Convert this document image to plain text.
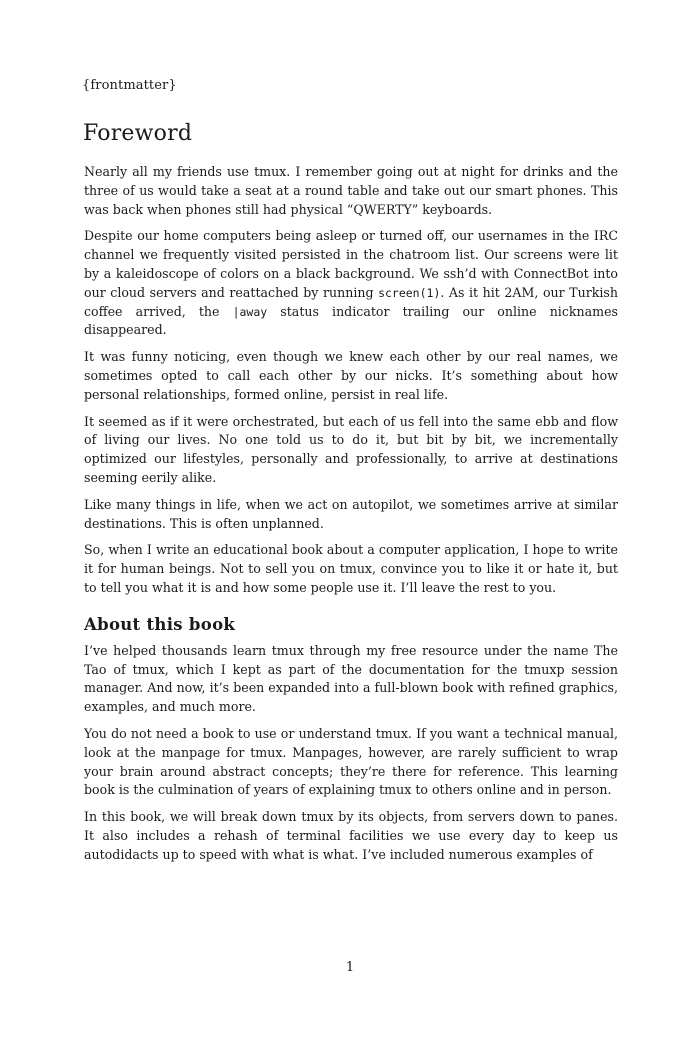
{frontmatter}
Foreword

Nearly all my friends use tmux. I remember going out at night for drinks and the three of us would take a seat at a round table and take out our smart phones. This was back when phones still had physical “QWERTY” keyboards.

Despite our home computers being asleep or turned off, our usernames in the IRC channel we frequently visited persisted in the chatroom list. Our screens were lit by a kaleidoscope of colors on a black background. We ssh’d with ConnectBot into our cloud servers and reattached by running screen(1). As it hit 2AM, our Turkish coffee arrived, the |away status indicator trailing our online nicknames disappeared.

It was funny noticing, even though we knew each other by our real names, we sometimes opted to call each other by our nicks. It’s something about how personal relationships, formed online, persist in real life.

It seemed as if it were orchestrated, but each of us fell into the same ebb and flow of living our lives. No one told us to do it, but bit by bit, we incrementally optimized our lifestyles, personally and professionally, to arrive at destinations seeming eerily alike.

Like many things in life, when we act on autopilot, we sometimes arrive at similar destinations. This is often unplanned.

So, when I write an educational book about a computer application, I hope to write it for human beings. Not to sell you on tmux, convince you to like it or hate it, but to tell you what it is and how some people use it. I’ll leave the rest to you.

About this book

I’ve helped thousands learn tmux through my free resource under the name The Tao of tmux, which I kept as part of the documentation for the tmuxp session manager. And now, it’s been expanded into a full-blown book with refined graphics, examples, and much more.

You do not need a book to use or understand tmux. If you want a technical manual, look at the manpage for tmux. Manpages, however, are rarely sufficient to wrap your brain around abstract concepts; they’re there for reference. This learning book is the culmination of years of explaining tmux to others online and in person.

In this book, we will break down tmux by its objects, from servers down to panes. It also includes a rehash of terminal facilities we use every day to keep us autodidacts up to speed with what is what. I’ve included numerous examples of

1
